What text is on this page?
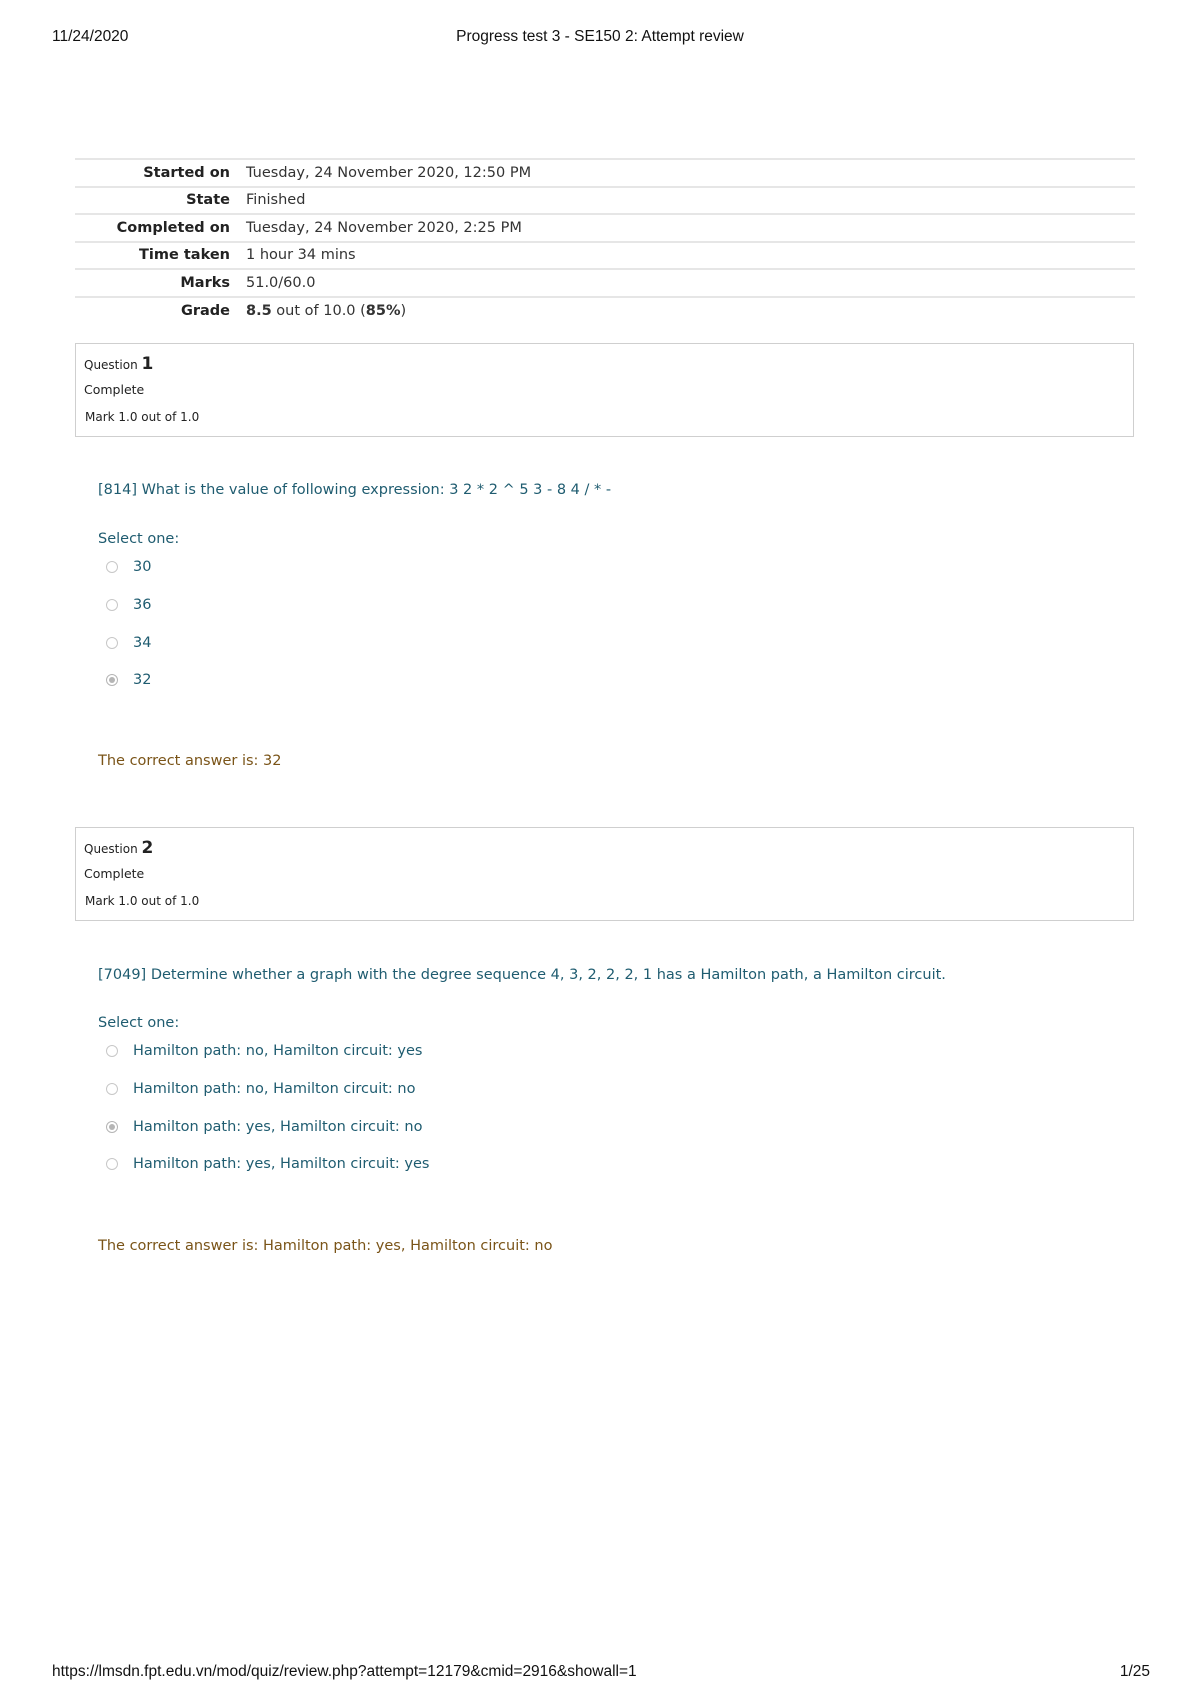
11/24/2020	Progress test 3 - SE150 2: Attempt review
Started on	Tuesday, 24 November 2020, 12:50 PM
State	Finished
Completed on	Tuesday, 24 November 2020, 2:25 PM
Time taken	1 hour 34 mins
Marks	51.0/60.0
Grade	8.5 out of 10.0 (85%)
Question 1
Complete
Mark 1.0 out of 1.0
[814] What is the value of following expression: 3 2 * 2 ^ 5 3 - 8 4 / * -
Select one:
30
36
34
32
The correct answer is: 32
Question 2
Complete
Mark 1.0 out of 1.0
[7049] Determine whether a graph with the degree sequence 4, 3, 2, 2, 2, 1 has a Hamilton path, a Hamilton circuit.
Select one:
Hamilton path: no, Hamilton circuit: yes
Hamilton path: no, Hamilton circuit: no
Hamilton path: yes, Hamilton circuit: no
Hamilton path: yes, Hamilton circuit: yes
The correct answer is: Hamilton path: yes, Hamilton circuit: no
https://lmsdn.fpt.edu.vn/mod/quiz/review.php?attempt=12179&cmid=2916&showall=1	1/25
